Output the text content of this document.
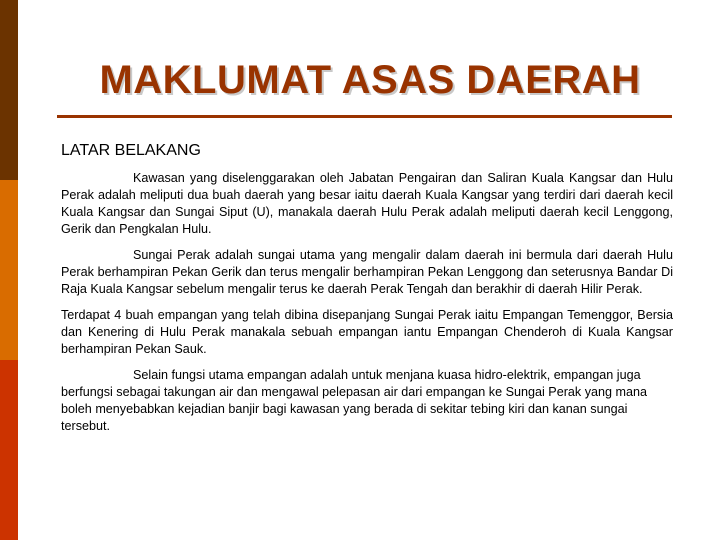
MAKLUMAT ASAS DAERAH
LATAR BELAKANG

Kawasan yang diselenggarakan oleh Jabatan Pengairan dan Saliran Kuala Kangsar dan Hulu Perak adalah meliputi dua buah daerah yang besar iaitu daerah Kuala Kangsar yang terdiri dari daerah kecil Kuala Kangsar dan Sungai Siput (U), manakala daerah Hulu Perak adalah meliputi daerah kecil Lenggong, Gerik dan Pengkalan Hulu.

Sungai Perak adalah sungai utama yang mengalir dalam daerah ini bermula dari daerah Hulu Perak berhampiran Pekan Gerik dan terus mengalir berhampiran Pekan Lenggong dan seterusnya Bandar Di Raja Kuala Kangsar sebelum mengalir terus ke daerah Perak Tengah dan berakhir di daerah Hilir Perak.

Terdapat 4 buah empangan yang telah dibina disepanjang Sungai Perak iaitu Empangan Temenggor, Bersia dan Kenering di Hulu Perak manakala sebuah empangan iantu Empangan Chenderoh di Kuala Kangsar berhampiran Pekan Sauk.

Selain fungsi utama empangan adalah untuk menjana kuasa hidro-elektrik, empangan juga berfungsi sebagai takungan air dan mengawal pelepasan air dari empangan ke Sungai Perak yang mana boleh menyebabkan kejadian banjir bagi kawasan yang berada di sekitar tebing kiri dan kanan sungai tersebut.
